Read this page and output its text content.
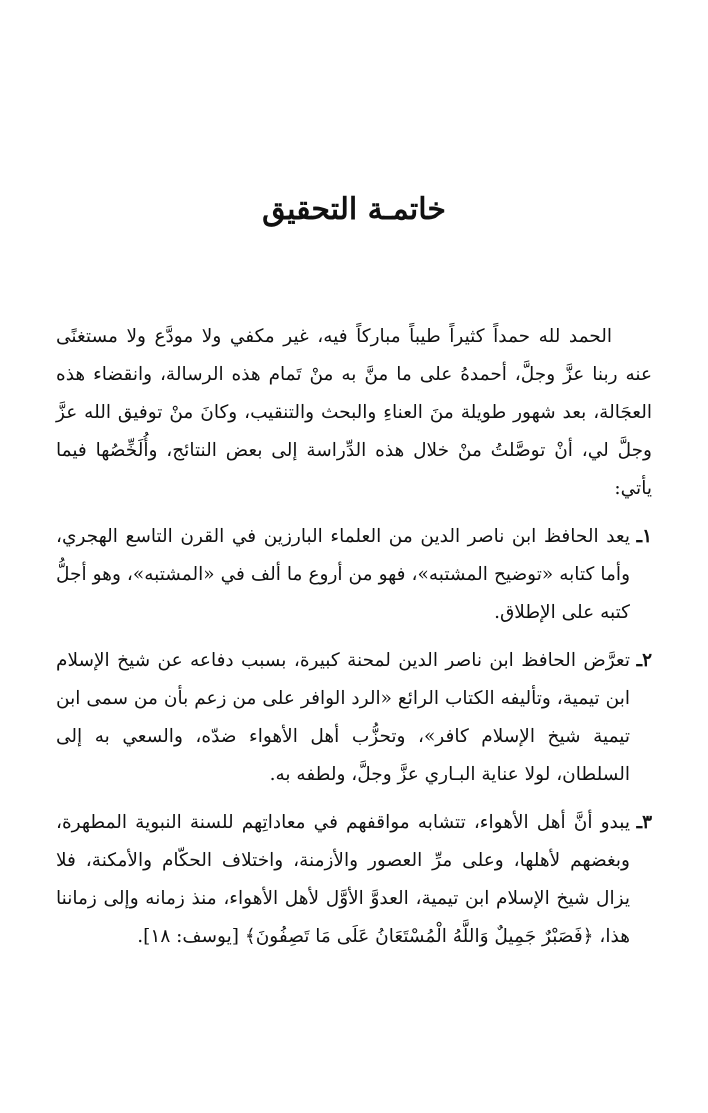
خاتمـة التحقيق

الحمد لله حمداً كثيراً طيباً مباركاً فيه، غير مكفي ولا مودَّع ولا مستغنًى عنه ربنا عزَّ وجلَّ، أحمدهُ على ما منَّ به منْ تَمام هذه الرسالة، وانقضاء هذه العجَالة، بعد شهور طويلة منَ العناءِ والبحث والتنقيب، وكانَ منْ توفيق الله عزَّ وجلَّ لي، أنْ توصَّلتُ منْ خلال هذه الدِّراسة إلى بعض النتائج، وأُلَخِّصُها فيما يأتي:

١ـ
يعد الحافظ ابن ناصر الدين من العلماء البارزين في القرن التاسع الهجري، وأما كتابه «توضيح المشتبه»، فهو من أروع ما ألف في «المشتبه»، وهو أجلُّ كتبه على الإطلاق.
٢ـ
تعرَّض الحافظ ابن ناصر الدين لمحنة كبيرة، بسبب دفاعه عن شيخ الإسلام ابن تيمية، وتأليفه الكتاب الرائع «الرد الوافر على من زعم بأن من سمى ابن تيمية شيخ الإسلام كافر»، وتحزُّب أهل الأهواء ضدّه، والسعي به إلى السلطان، لولا عناية البـاري عزَّ وجلَّ، ولطفه به.
٣ـ
يبدو أنَّ أهل الأهواء، تتشابه مواقفهم في معاداتِهم للسنة النبوية المطهرة، وبغضهم لأهلها، وعلى مرِّ العصور والأزمنة، واختلاف الحكّام والأمكنة، فلا يزال شيخ الإسلام ابن تيمية، العدوَّ الأوَّل لأهل الأهواء، منذ زمانه وإلى زماننا هذا، ﴿فَصَبْرٌ جَمِيلٌ وَاللَّهُ الْمُسْتَعَانُ عَلَى مَا تَصِفُونَ﴾ [يوسف: ١٨].
